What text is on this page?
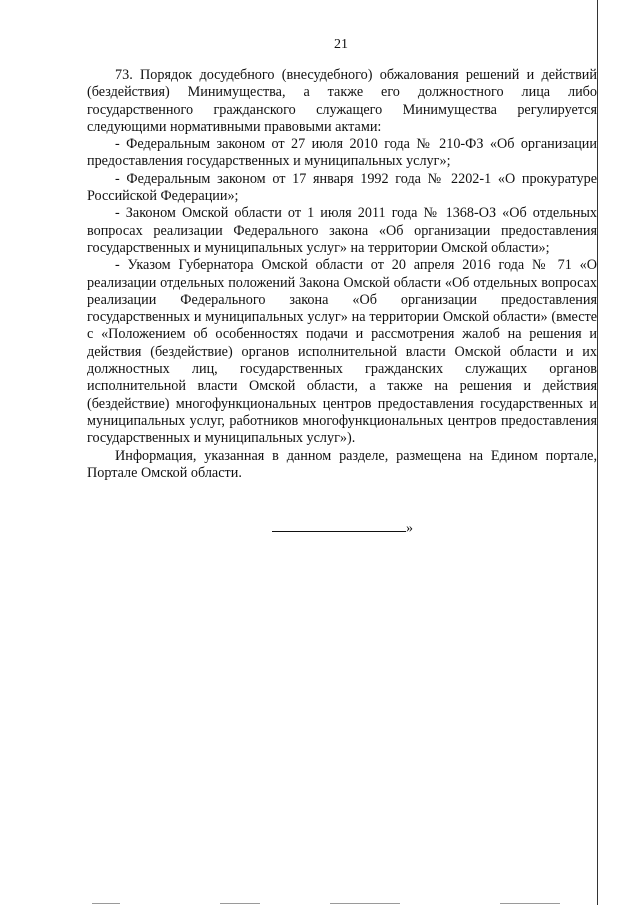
21

73. Порядок досудебного (внесудебного) обжалования решений и действий (бездействия) Минимущества, а также его должностного лица либо государственного гражданского служащего Минимущества регулируется следующими нормативными правовыми актами:

- Федеральным законом от 27 июля 2010 года № 210-ФЗ «Об организации предоставления государственных и муниципальных услуг»;

- Федеральным законом от 17 января 1992 года № 2202-1 «О прокуратуре Российской Федерации»;

- Законом Омской области от 1 июля 2011 года № 1368-ОЗ «Об отдельных вопросах реализации Федерального закона «Об организации предоставления государственных и муниципальных услуг» на территории Омской области»;

- Указом Губернатора Омской области от 20 апреля 2016 года № 71 «О реализации отдельных положений Закона Омской области «Об отдельных вопросах реализации Федерального закона «Об организации предоставления государственных и муниципальных услуг» на территории Омской области» (вместе с «Положением об особенностях подачи и рассмотрения жалоб на решения и действия (бездействие) органов исполнительной власти Омской области и их должностных лиц, государственных гражданских служащих органов исполнительной власти Омской области, а также на решения и действия (бездействие) многофункциональных центров предоставления государственных и муниципальных услуг, работников многофункциональных центров предоставления государственных и муниципальных услуг»).

Информация, указанная в данном разделе, размещена на Едином портале, Портале Омской области.

»
